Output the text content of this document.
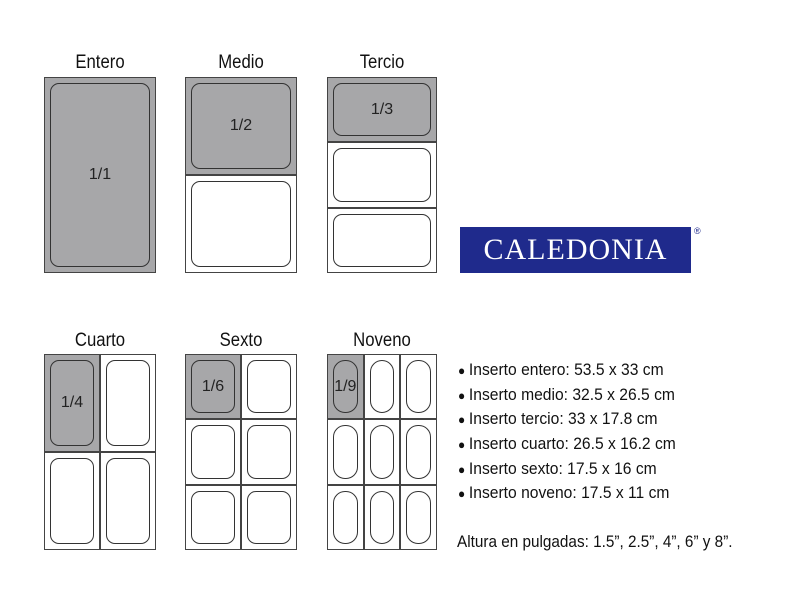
Entero
1/1
Medio
1/2
Tercio
1/3
Cuarto
1/4
Sexto
1/6
Noveno
1/9
CALEDONIA
®
● Inserto entero: 53.5 x 33 cm
● Inserto medio: 32.5 x 26.5 cm
● Inserto tercio: 33 x 17.8 cm
● Inserto cuarto: 26.5 x 16.2 cm
● Inserto sexto: 17.5 x 16 cm
● Inserto noveno: 17.5 x 11 cm
Altura en pulgadas: 1.5”, 2.5”, 4”, 6” y 8”.
